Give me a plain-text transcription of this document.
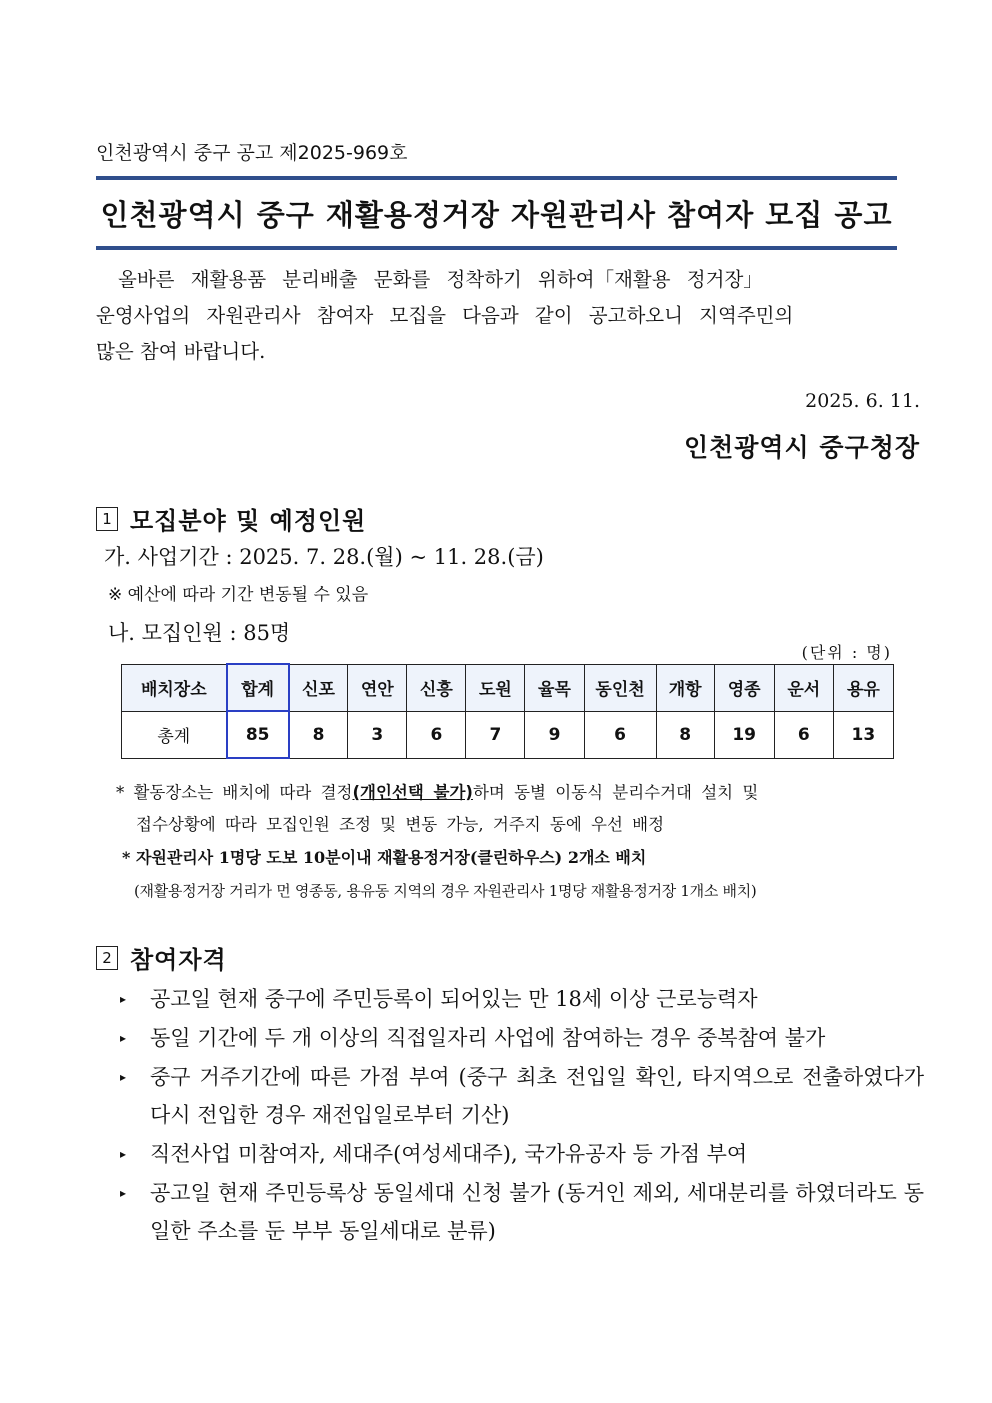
인천광역시 중구 공고 제2025-969호
인천광역시 중구 재활용정거장 자원관리사 참여자 모집 공고
올바른 재활용품 분리배출 문화를 정착하기 위하여「재활용 정거장」
운영사업의 자원관리사 참여자 모집을 다음과 같이 공고하오니 지역주민의
많은 참여 바랍니다.
2025. 6. 11.
인천광역시 중구청장
1 모집분야 및 예정인원
가. 사업기간 : 2025. 7. 28.(월) ~ 11. 28.(금)
※ 예산에 따라 기간 변동될 수 있음
나. 모집인원 : 85명
(단위 : 명)
배치장소	합계	신포	연안	신흥	도원	율목	동인천	개항	영종	운서	용유
총계	85	8	3	6	7	9	6	8	19	6	13
* 활동장소는 배치에 따라 결정(개인선택 불가)하며 동별 이동식 분리수거대 설치 및
접수상황에 따라 모집인원 조정 및 변동 가능, 거주지 동에 우선 배정
* 자원관리사 1명당 도보 10분이내 재활용정거장(클린하우스) 2개소 배치
(재활용정거장 거리가 먼 영종동, 용유동 지역의 경우 자원관리사 1명당 재활용정거장 1개소 배치)
2 참여자격
▸ 공고일 현재 중구에 주민등록이 되어있는 만 18세 이상 근로능력자
▸ 동일 기간에 두 개 이상의 직접일자리 사업에 참여하는 경우 중복참여 불가
▸ 중구 거주기간에 따른 가점 부여 (중구 최초 전입일 확인, 타지역으로 전출하였다가 다시 전입한 경우 재전입일로부터 기산)
▸ 직전사업 미참여자, 세대주(여성세대주), 국가유공자 등 가점 부여
▸ 공고일 현재 주민등록상 동일세대 신청 불가 (동거인 제외, 세대분리를 하였더라도 동일한 주소를 둔 부부 동일세대로 분류)
